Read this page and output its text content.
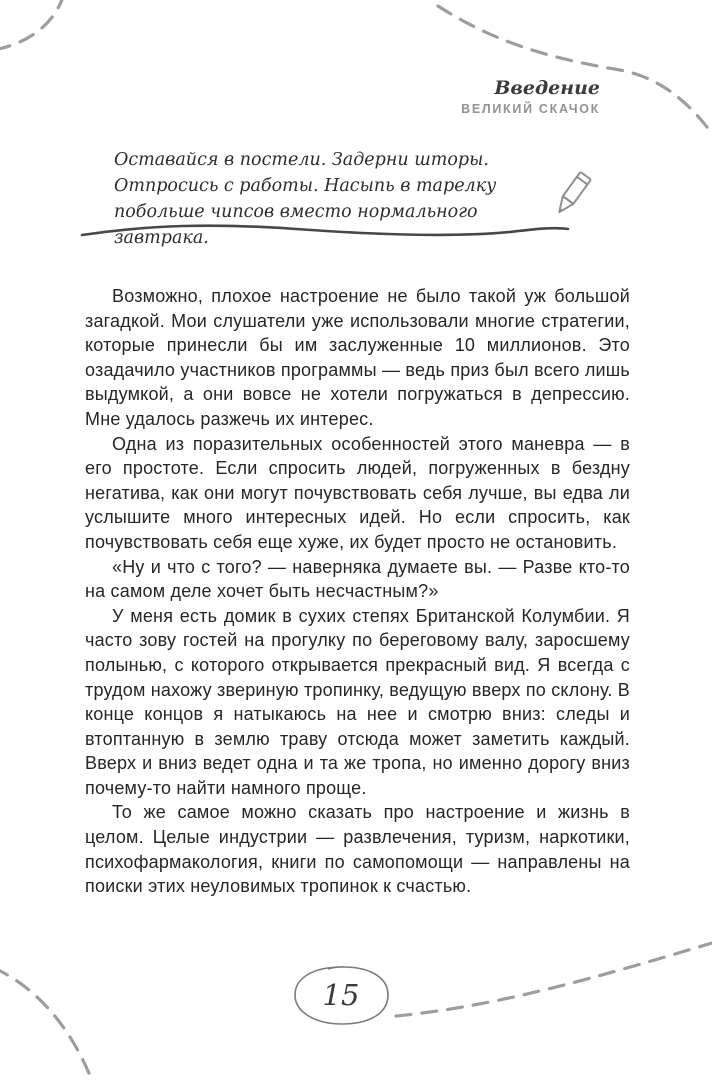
Введение
ВЕЛИКИЙ СКАЧОК
Оставайся в постели. Задерни шторы. Отпросись с работы. Насыпь в тарелку побольше чипсов вместо нормального завтрака.

Возможно, плохое настроение не было такой уж большой загадкой. Мои слушатели уже использовали многие стратегии, которые принесли бы им заслуженные 10 миллионов. Это озадачило участников программы — ведь приз был всего лишь выдумкой, а они вовсе не хотели погружаться в депрессию. Мне удалось разжечь их интерес.

Одна из поразительных особенностей этого маневра — в его простоте. Если спросить людей, погруженных в бездну негатива, как они могут почувствовать себя лучше, вы едва ли услышите много интересных идей. Но если спросить, как почувствовать себя еще хуже, их будет просто не остановить.

«Ну и что с того? — наверняка думаете вы. — Разве кто-то на самом деле хочет быть несчастным?»

У меня есть домик в сухих степях Британской Колумбии. Я часто зову гостей на прогулку по береговому валу, заросшему полынью, с которого открывается прекрасный вид. Я всегда с трудом нахожу звериную тропинку, ведущую вверх по склону. В конце концов я натыкаюсь на нее и смотрю вниз: следы и втоптанную в землю траву отсюда может заметить каждый. Вверх и вниз ведет одна и та же тропа, но именно дорогу вниз почему-то найти намного проще.

То же самое можно сказать про настроение и жизнь в целом. Целые индустрии — развлечения, туризм, наркотики, психофармакология, книги по самопомощи — направлены на поиски этих неуловимых тропинок к счастью.

15
